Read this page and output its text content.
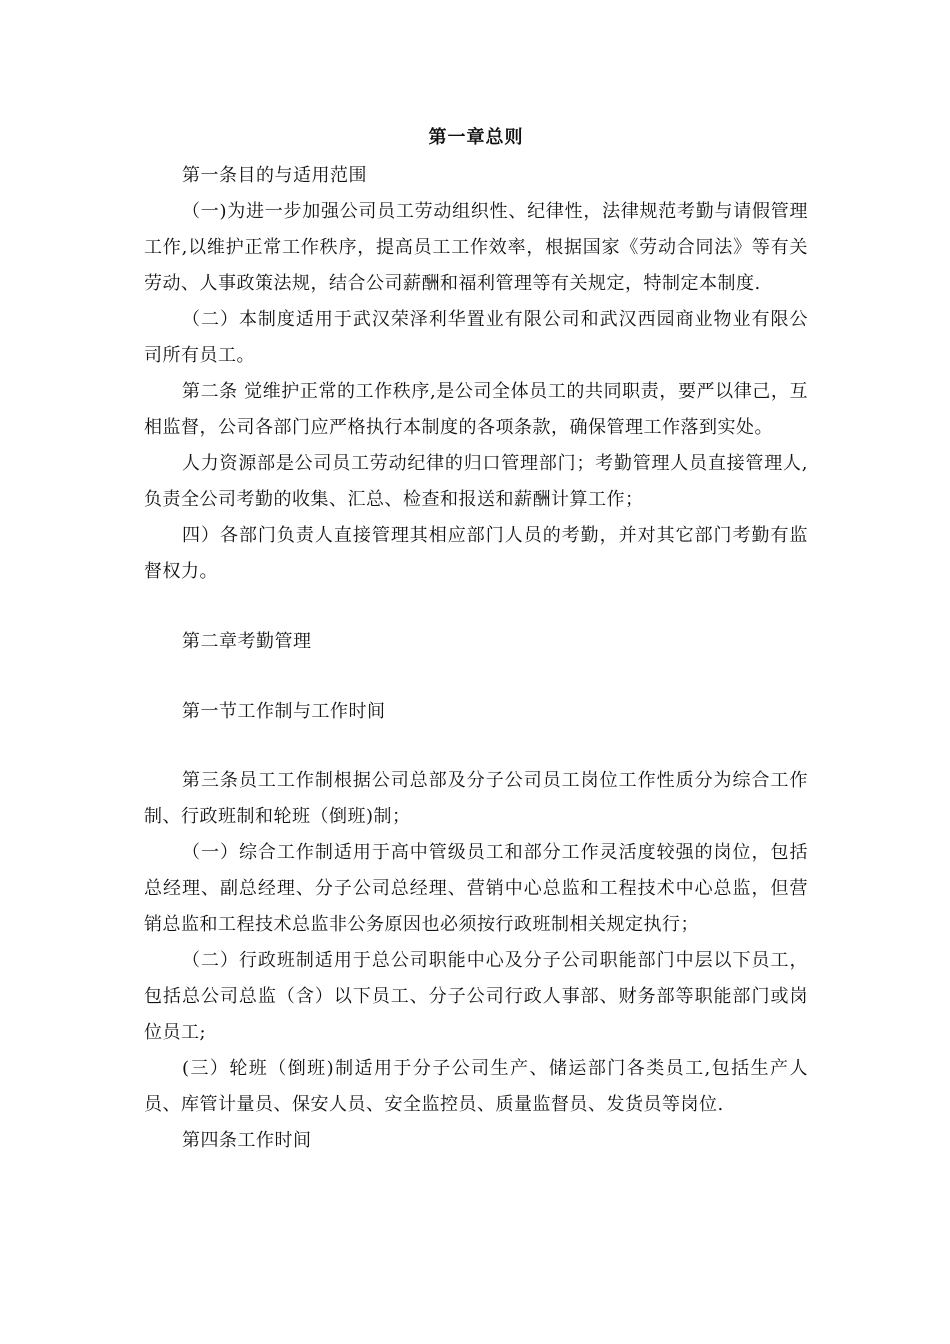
第一章总则

第一条目的与适用范围

（一)为进一步加强公司员工劳动组织性、纪律性，法律规范考勤与请假管理工作,以维护正常工作秩序，提高员工工作效率，根据国家《劳动合同法》等有关劳动、人事政策法规，结合公司薪酬和福利管理等有关规定，特制定本制度.

（二）本制度适用于武汉荣泽利华置业有限公司和武汉西园商业物业有限公司所有员工。

第二条 觉维护正常的工作秩序,是公司全体员工的共同职责，要严以律己，互相监督，公司各部门应严格执行本制度的各项条款，确保管理工作落到实处。

人力资源部是公司员工劳动纪律的归口管理部门；考勤管理人员直接管理人,负责全公司考勤的收集、汇总、检查和报送和薪酬计算工作；

四）各部门负责人直接管理其相应部门人员的考勤，并对其它部门考勤有监督权力。

第二章考勤管理

第一节工作制与工作时间

第三条员工工作制根据公司总部及分子公司员工岗位工作性质分为综合工作制、行政班制和轮班（倒班)制；

（一）综合工作制适用于高中管级员工和部分工作灵活度较强的岗位，包括总经理、副总经理、分子公司总经理、营销中心总监和工程技术中心总监，但营销总监和工程技术总监非公务原因也必须按行政班制相关规定执行；

（二）行政班制适用于总公司职能中心及分子公司职能部门中层以下员工，包括总公司总监（含）以下员工、分子公司行政人事部、财务部等职能部门或岗位员工;

(三）轮班（倒班)制适用于分子公司生产、储运部门各类员工,包括生产人员、库管计量员、保安人员、安全监控员、质量监督员、发货员等岗位.

第四条工作时间
